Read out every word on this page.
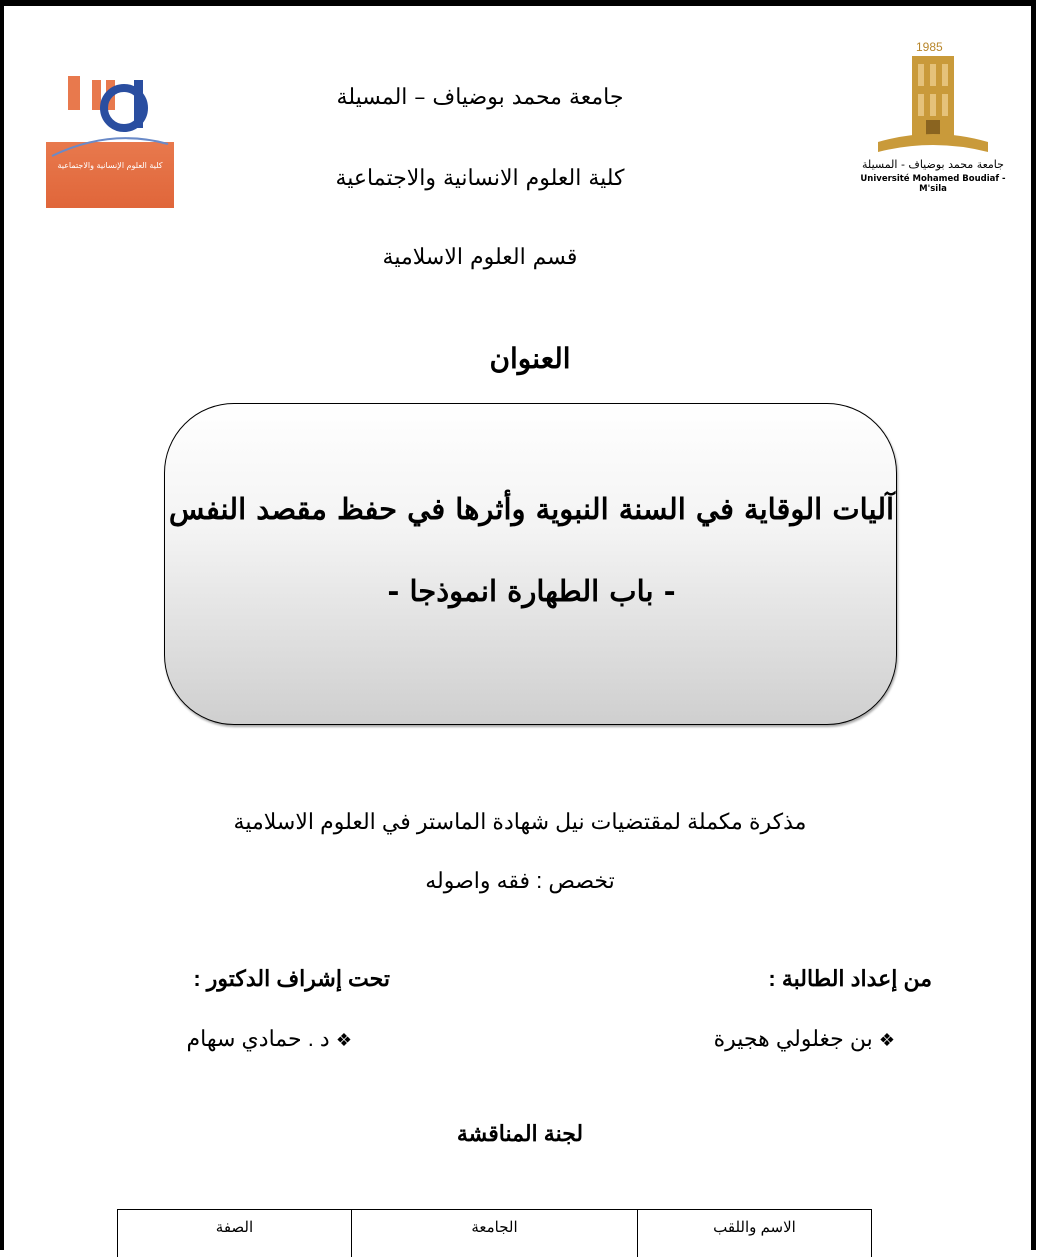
1985
جامعة محمد بوضياف - المسيلة
Université Mohamed Boudiaf - M'sila
كلية العلوم الإنسانية والاجتماعية
جامعة محمد بوضياف – المسيلة
كلية العلوم الانسانية والاجتماعية
قسم العلوم الاسلامية
العنوان
آليات الوقاية في السنة النبوية وأثرها في حفظ مقصد النفس
- باب الطهارة انموذجا -
مذكرة مكملة لمقتضيات نيل شهادة الماستر في العلوم الاسلامية
تخصص : فقه واصوله
من إعداد الطالبة :
تحت إشراف الدكتور :
❖ بن جغلولي هجيرة
❖ د . حمادي سهام
لجنة المناقشة
الاسم واللقب	الجامعة	الصفة
